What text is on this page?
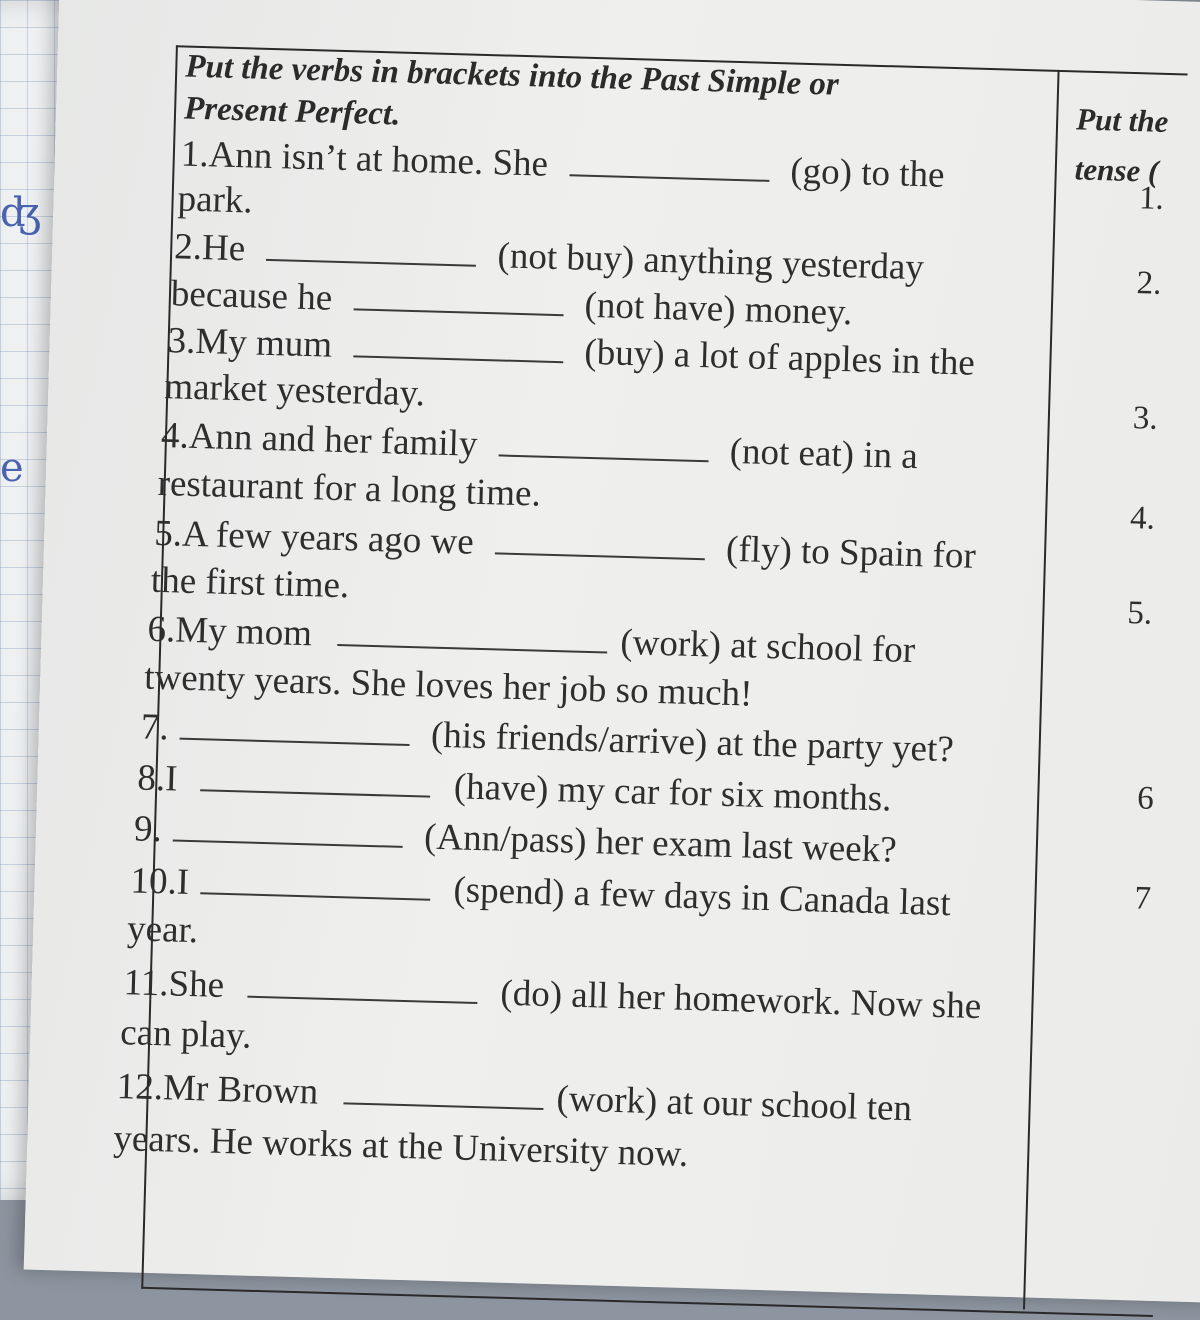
ʤ
e
Put the verbs in brackets into the Past Simple or
Present Perfect.
1.Ann isn’t at home. She	(go) to the
park.
2.He	(not buy) anything yesterday
because he	(not have) money.
3.My mum	(buy) a lot of apples in the
market yesterday.
4.Ann and her family	(not eat) in a
restaurant for a long time.
5.A few years ago we	(fly) to Spain for
the first time.
6.My mom	(work) at school for
twenty years. She loves her job so much!
7.	(his friends/arrive) at the party yet?
8.I	(have) my car for six months.
9.	(Ann/pass) her exam last week?
10.I	(spend) a few days in Canada last
year.
11.She	(do) all her homework. Now she
can play.
12.Mr Brown	(work) at our school ten
years. He works at the University now.
Put the
tense (
1.
2.
3.
4.
5.
6
7
